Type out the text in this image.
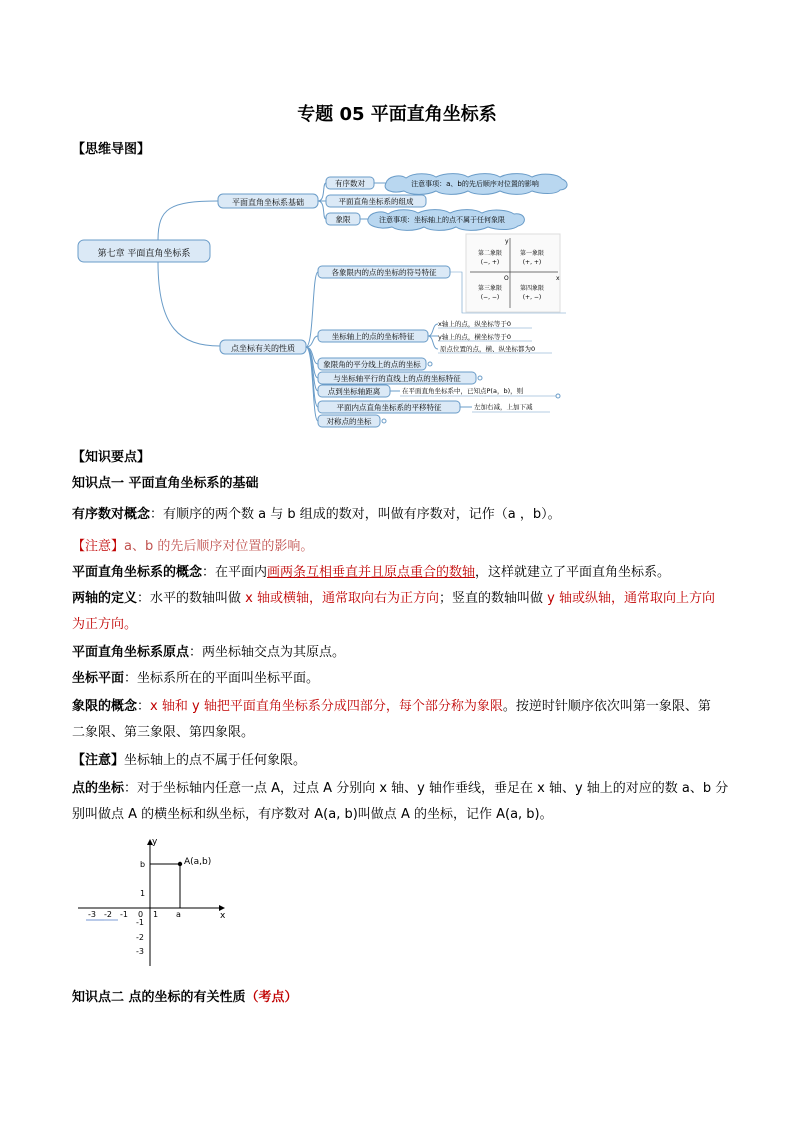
专题 05 平面直角坐标系
【思维导图】
第七章 平面直角坐标系
平面直角坐标系基础
有序数对
平面直角坐标系的组成
象限
注意事项：a、b的先后顺序对位置的影响
注意事项：坐标轴上的点不属于任何象限
点坐标有关的性质
各象限内的点的坐标的符号特征
坐标轴上的点的坐标特征
象限角的平分线上的点的坐标
与坐标轴平行的直线上的点的坐标特征
点到坐标轴距离
平面内点直角坐标系的平移特征
对称点的坐标
x轴上的点，纵坐标等于0
y轴上的点，横坐标等于0
原点位置的点，横、纵坐标都为0
在平面直角坐标系中，已知点P(a，b)，则
左加右减，上加下减
x
y
O
第二象限
(−, +)
第一象限
(+, +)
第三象限
(−, −)
第四象限
(+, −)
【知识要点】
知识点一 平面直角坐标系的基础
有序数对概念：有顺序的两个数 a 与 b 组成的数对，叫做有序数对，记作（a ，b）。
【注意】a、b 的先后顺序对位置的影响。
平面直角坐标系的概念：在平面内画两条互相垂直并且原点重合的数轴，这样就建立了平面直角坐标系。
两轴的定义：水平的数轴叫做 x 轴或横轴，通常取向右为正方向；竖直的数轴叫做 y 轴或纵轴，通常取向上方向
为正方向。
平面直角坐标系原点：两坐标轴交点为其原点。
坐标平面：坐标系所在的平面叫坐标平面。
象限的概念：x 轴和 y 轴把平面直角坐标系分成四部分，每个部分称为象限。按逆时针顺序依次叫第一象限、第
二象限、第三象限、第四象限。
【注意】坐标轴上的点不属于任何象限。
点的坐标：对于坐标轴内任意一点 A，过点 A 分别向 x 轴、y 轴作垂线，垂足在 x 轴、y 轴上的对应的数 a、b 分
别叫做点 A 的横坐标和纵坐标，有序数对 A(a, b)叫做点 A 的坐标，记作 A(a, b)。
y
x
A(a,b)
-3 -2 -1 0 1 a
b
1
-1
-2
-3
知识点二 点的坐标的有关性质（考点）
